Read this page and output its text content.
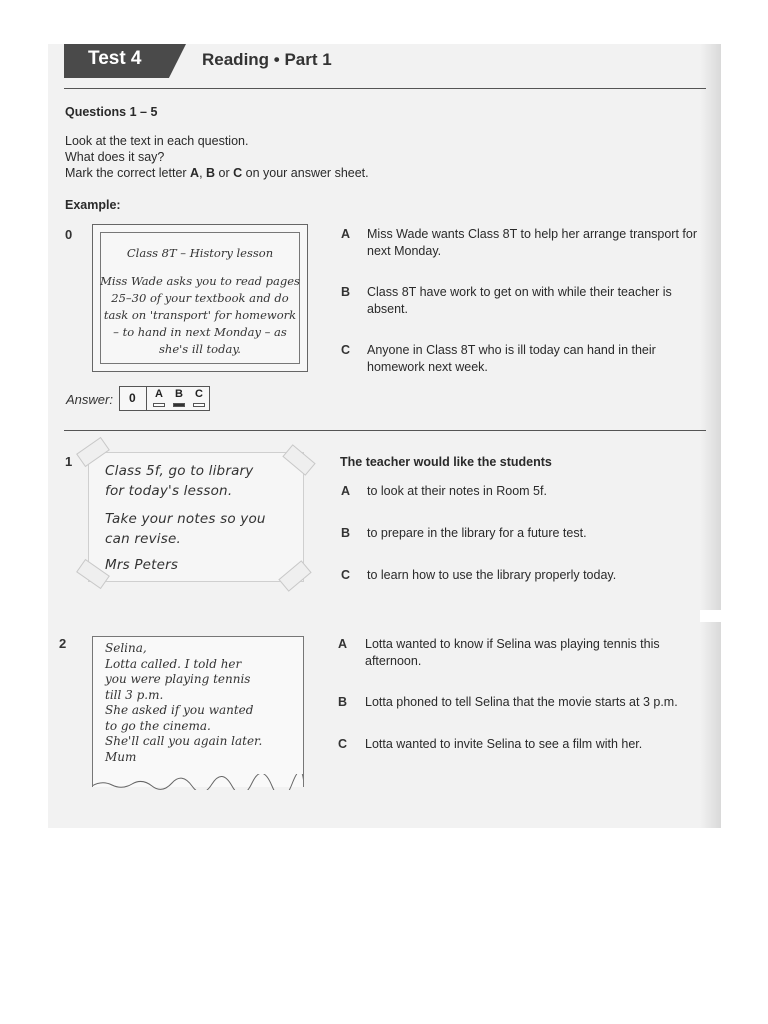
Test 4	Reading • Part 1
Questions 1 – 5
Look at the text in each question.
What does it say?
Mark the correct letter A, B or C on your answer sheet.
Example:
0
Class 8T – History lesson
Miss Wade asks you to read pages
25–30 of your textbook and do
task on 'transport' for homework
– to hand in next Monday – as
she's ill today.
A Miss Wade wants Class 8T to help her arrange transport for next Monday.
B Class 8T have work to get on with while their teacher is absent.
C Anyone in Class 8T who is ill today can hand in their homework next week.
Answer: 0 A B C
1
Class 5f, go to library
for today's lesson.
Take your notes so you
can revise.
Mrs Peters
The teacher would like the students
A to look at their notes in Room 5f.
B to prepare in the library for a future test.
C to learn how to use the library properly today.
2	Selina,
Lotta called. I told her
you were playing tennis
till 3 p.m.
She asked if you wanted
to go the cinema.
She'll call you again later.
Mum
A Lotta wanted to know if Selina was playing tennis this afternoon.
B Lotta phoned to tell Selina that the movie starts at 3 p.m.
C Lotta wanted to invite Selina to see a film with her.
